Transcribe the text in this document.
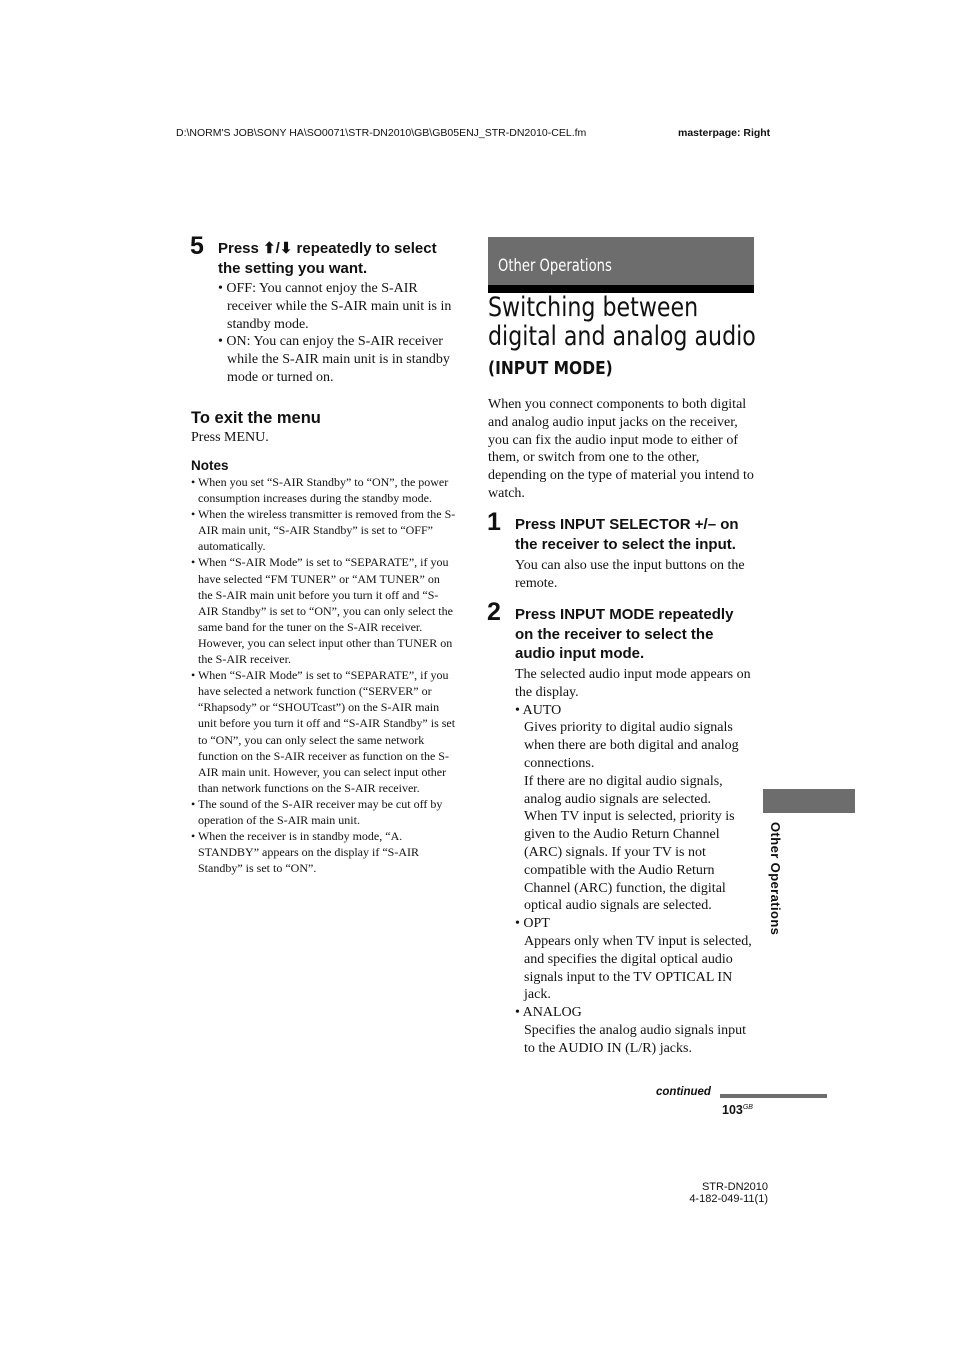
D:\NORM'S JOB\SONY HA\SO0071\STR-DN2010\GB\GB05ENJ_STR-DN2010-CEL.fm	masterpage: Right
5 Press ⬆/⬇ repeatedly to select
the setting you want.

• OFF: You cannot enjoy the S-AIR receiver while the S-AIR main unit is in standby mode.

• ON: You can enjoy the S-AIR receiver while the S-AIR main unit is in standby mode or turned on.

To exit the menu
Press MENU.
Notes
• When you set “S-AIR Standby” to “ON”, the power consumption increases during the standby mode.
• When the wireless transmitter is removed from the S-AIR main unit, “S-AIR Standby” is set to “OFF” automatically.
• When “S-AIR Mode” is set to “SEPARATE”, if you have selected “FM TUNER” or “AM TUNER” on the S-AIR main unit before you turn it off and “S-AIR Standby” is set to “ON”, you can only select the same band for the tuner on the S-AIR receiver. However, you can select input other than TUNER on the S-AIR receiver.
• When “S-AIR Mode” is set to “SEPARATE”, if you have selected a network function (“SERVER” or “Rhapsody” or “SHOUTcast”) on the S-AIR main unit before you turn it off and “S-AIR Standby” is set to “ON”, you can only select the same network function on the S-AIR receiver as function on the S-AIR main unit. However, you can select input other than network functions on the S-AIR receiver.
• The sound of the S-AIR receiver may be cut off by operation of the S-AIR main unit.
• When the receiver is in standby mode, “A. STANDBY” appears on the display if “S-AIR Standby” is set to “ON”.
Other Operations
Switching between
digital and analog audio
(INPUT MODE)
When you connect components to both digital and analog audio input jacks on the receiver, you can fix the audio input mode to either of them, or switch from one to the other, depending on the type of material you intend to watch.
1 Press INPUT SELECTOR +/– on
the receiver to select the input.
You can also use the input buttons on the remote.
2 Press INPUT MODE repeatedly
on the receiver to select the
audio input mode.
The selected audio input mode appears on the display.
• AUTO
Gives priority to digital audio signals when there are both digital and analog connections.
If there are no digital audio signals, analog audio signals are selected.
When TV input is selected, priority is given to the Audio Return Channel (ARC) signals. If your TV is not compatible with the Audio Return Channel (ARC) function, the digital optical audio signals are selected.
• OPT
Appears only when TV input is selected, and specifies the digital optical audio signals input to the TV OPTICAL IN jack.
• ANALOG
Specifies the analog audio signals input to the AUDIO IN (L/R) jacks.
Other Operations
continued
$103^{GB}$
STR-DN2010
4-182-049-11(1)
